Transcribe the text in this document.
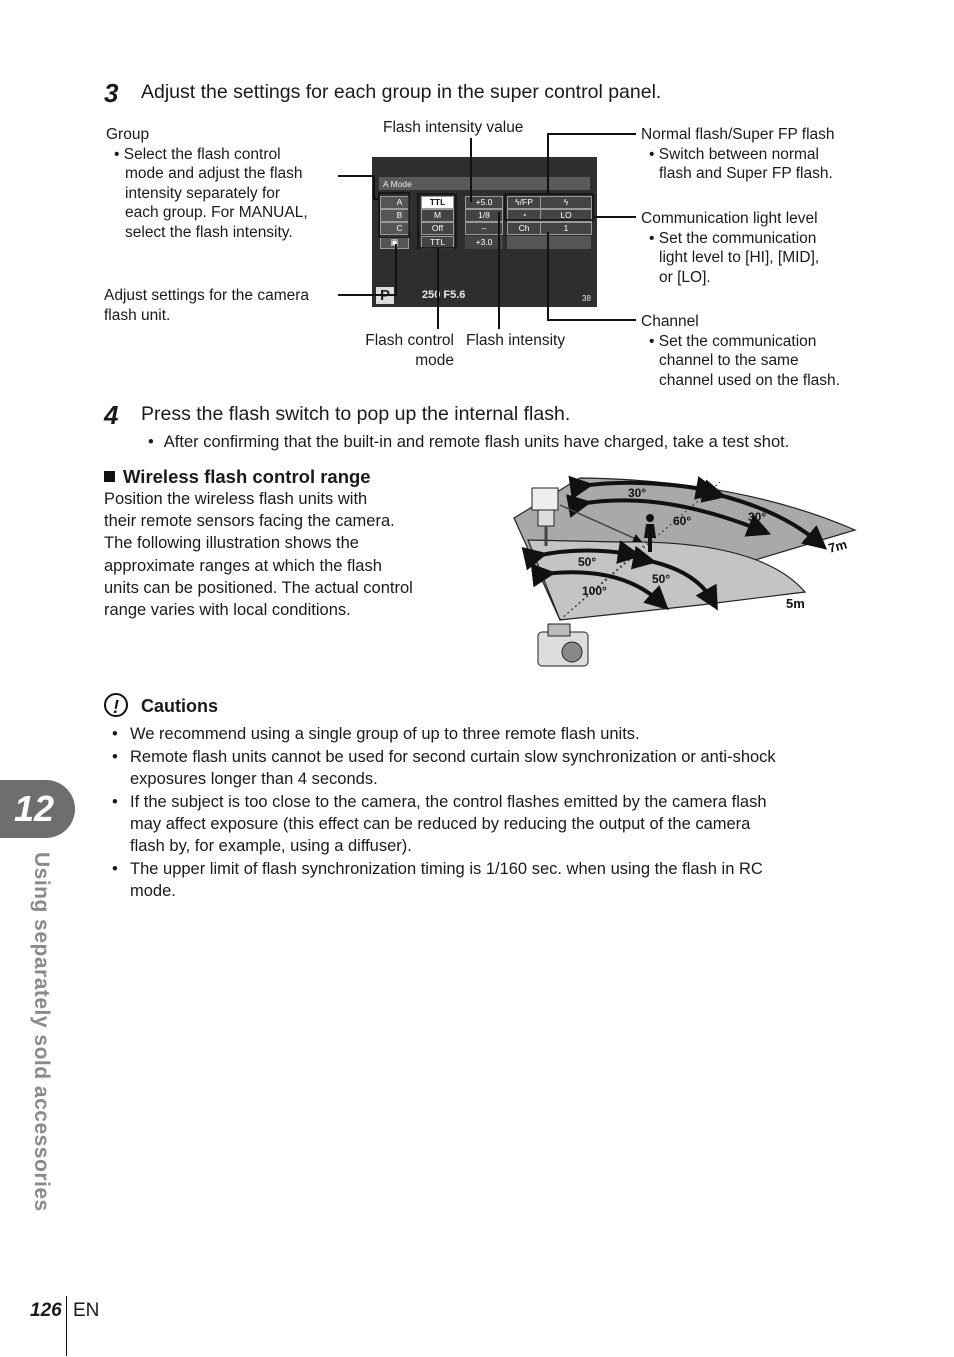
3 Adjust the settings for each group in the super control panel.
Group
• Select the flash control
mode and adjust the flash
intensity separately for
each group. For MANUAL,
select the flash intensity.
Adjust settings for the camera
flash unit.
Flash intensity value
Flash control
mode
Flash intensity
Normal flash/Super FP flash
• Switch between normal
flash and Super FP flash.
Communication light level
• Set the communication
light level to [HI], [MID],
or [LO].
Channel
• Set the communication
channel to the same
channel used on the flash.
A Mode
A
B
C
▣
TTL
M
Off
TTL
+5.0
1/8
–
+3.0
ϟ/FP	ϟ
◔	LO
Ch	1
P	250 F5.6	38
4 Press the flash switch to pop up the internal flash.
• After confirming that the built-in and remote flash units have charged, take a test shot.
Wireless flash control range
Position the wireless flash units with
their remote sensors facing the camera.
The following illustration shows the
approximate ranges at which the flash
units can be positioned. The actual control
range varies with local conditions.
30°
60°	30°
7m
50°
100°
50°
5m
!	Cautions
• We recommend using a single group of up to three remote flash units.
• Remote flash units cannot be used for second curtain slow synchronization or anti-shock
exposures longer than 4 seconds.
• If the subject is too close to the camera, the control flashes emitted by the camera flash
may affect exposure (this effect can be reduced by reducing the output of the camera
flash by, for example, using a diffuser).
• The upper limit of flash synchronization timing is 1/160 sec. when using the flash in RC
mode.
12
Using separately sold accessories
126 EN
